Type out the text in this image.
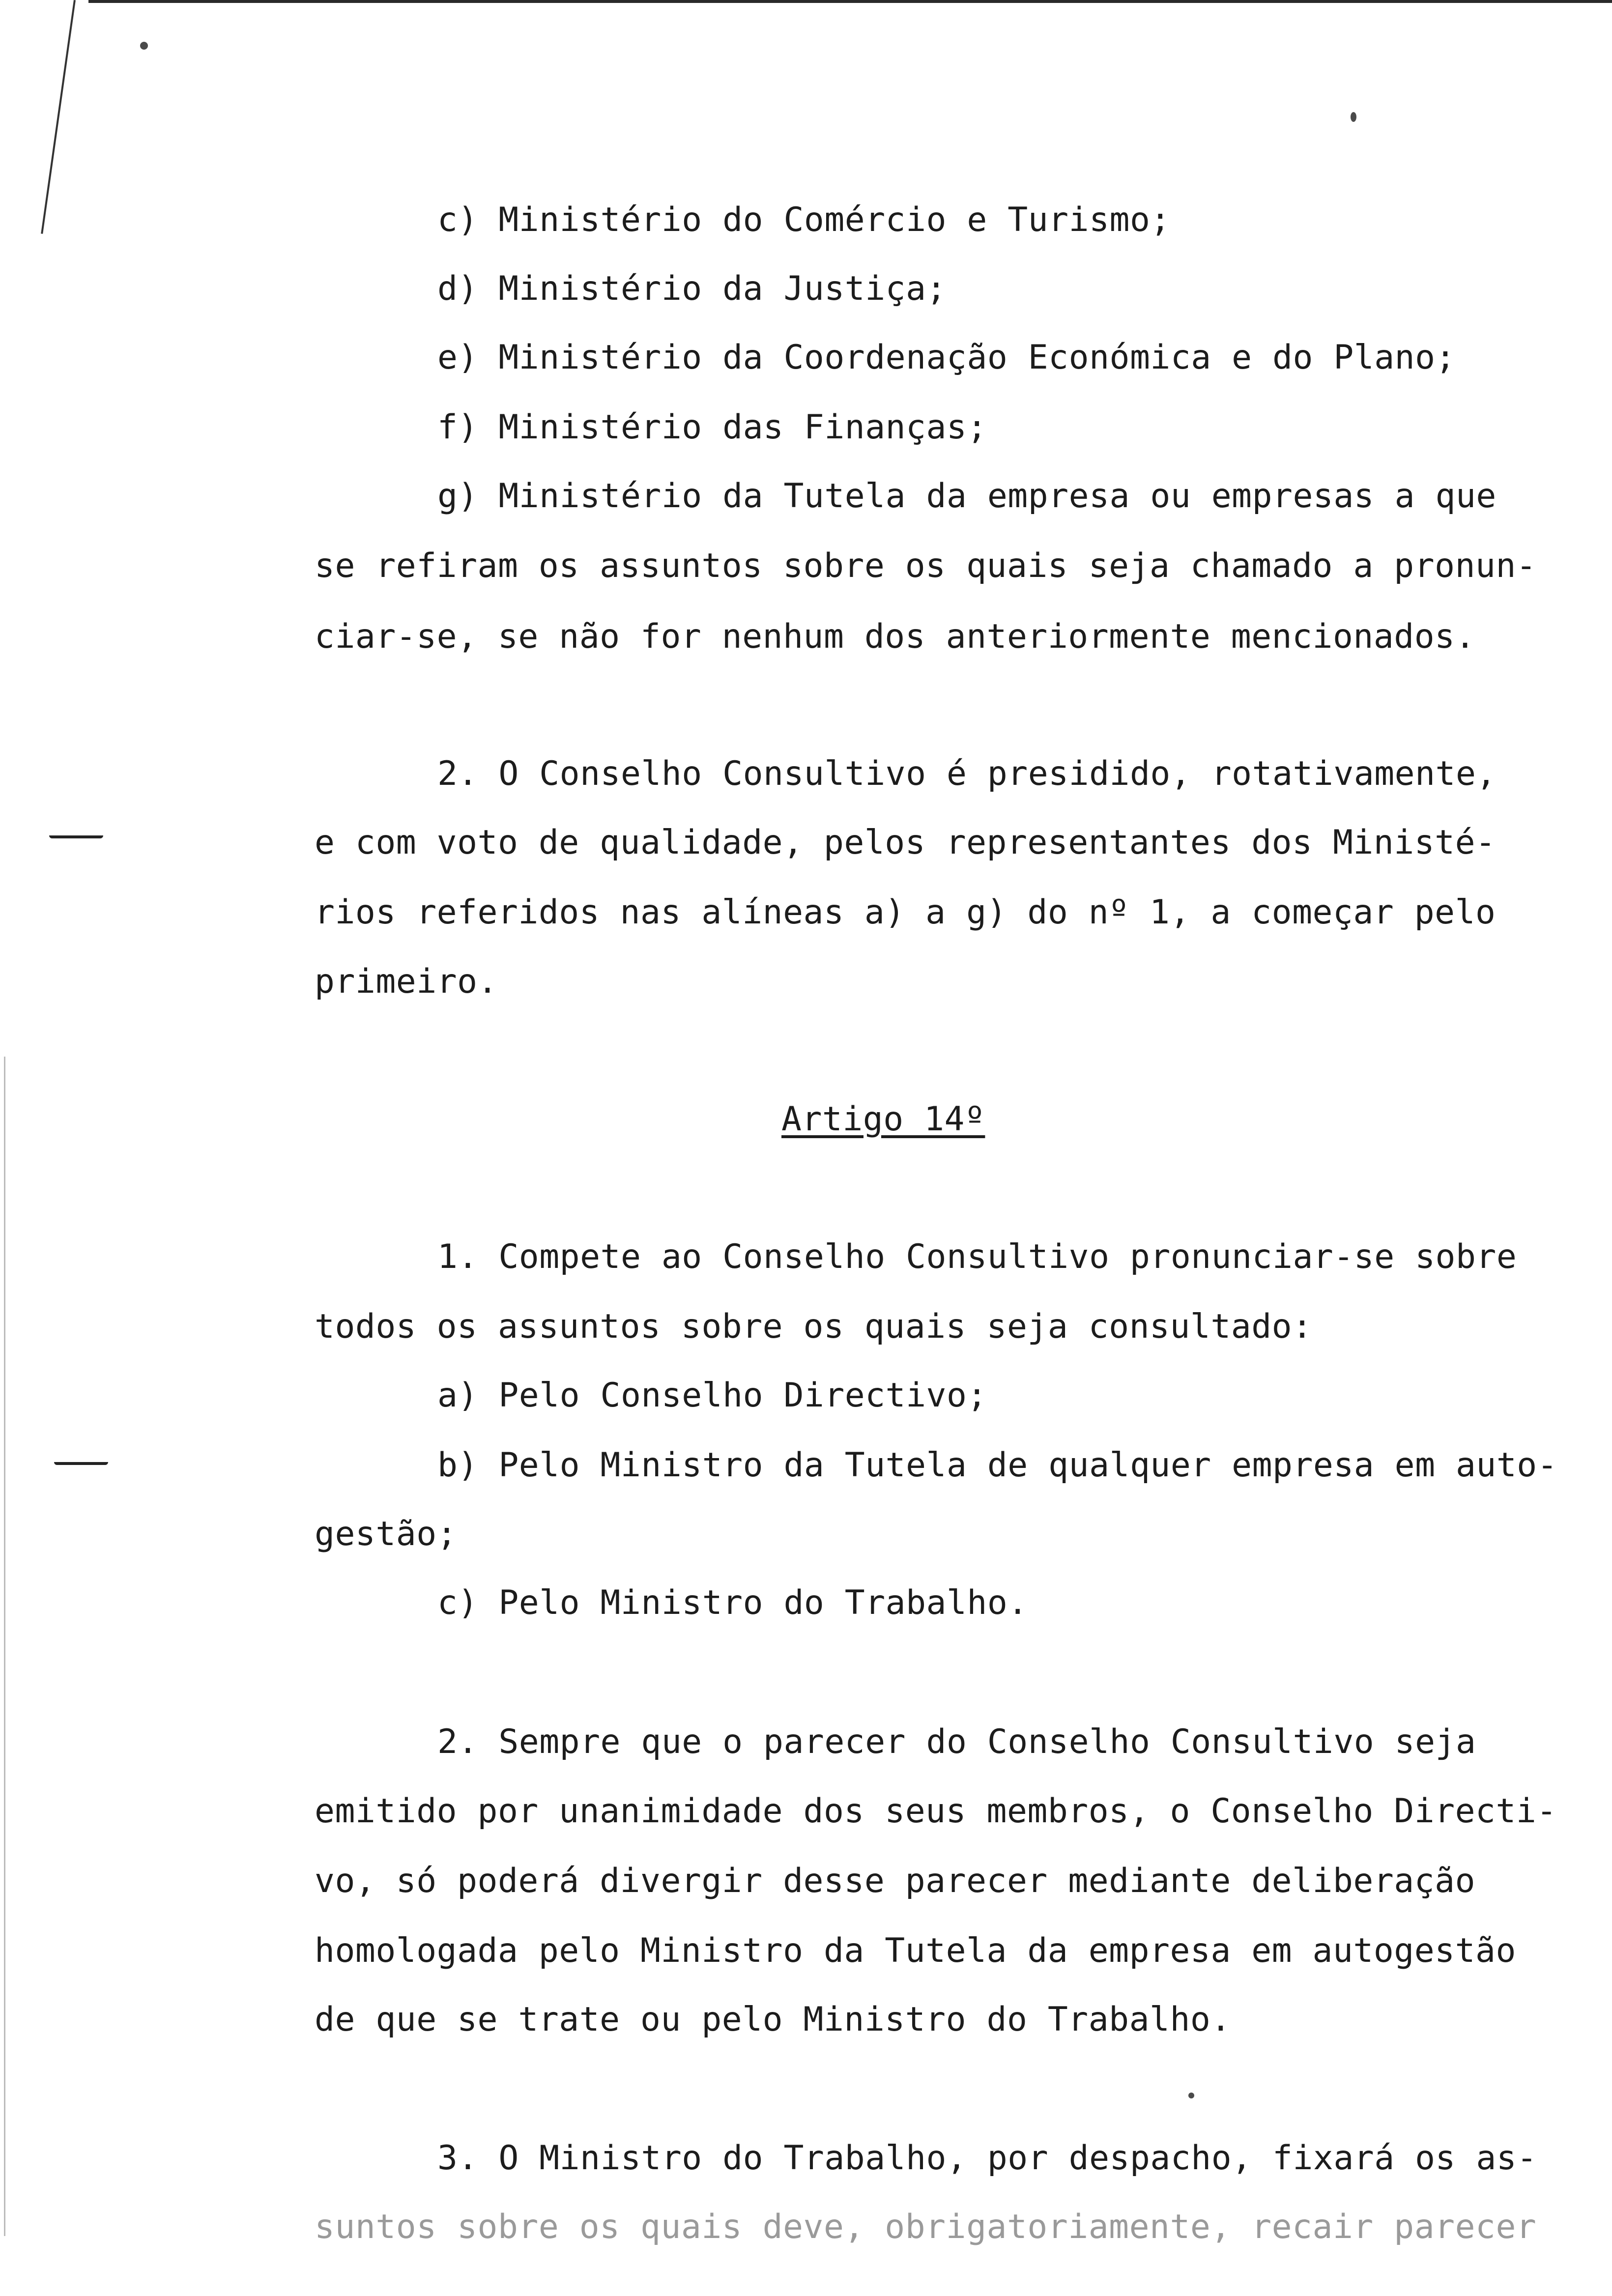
c) Ministério do Comércio e Turismo;
d) Ministério da Justiça;
e) Ministério da Coordenação Económica e do Plano;
f) Ministério das Finanças;
g) Ministério da Tutela da empresa ou empresas a que
se refiram os assuntos sobre os quais seja chamado a pronun-
ciar-se, se não for nenhum dos anteriormente mencionados.
2. O Conselho Consultivo é presidido, rotativamente,
e com voto de qualidade, pelos representantes dos Ministé-
rios referidos nas alíneas a) a g) do nº 1, a começar pelo
primeiro.
Artigo 14º
1. Compete ao Conselho Consultivo pronunciar-se sobre
todos os assuntos sobre os quais seja consultado:
a) Pelo Conselho Directivo;
b) Pelo Ministro da Tutela de qualquer empresa em auto-
gestão;
c) Pelo Ministro do Trabalho.
2. Sempre que o parecer do Conselho Consultivo seja
emitido por unanimidade dos seus membros, o Conselho Directi-
vo, só poderá divergir desse parecer mediante deliberação
homologada pelo Ministro da Tutela da empresa em autogestão
de que se trate ou pelo Ministro do Trabalho.
3. O Ministro do Trabalho, por despacho, fixará os as-
suntos sobre os quais deve, obrigatoriamente, recair parecer
